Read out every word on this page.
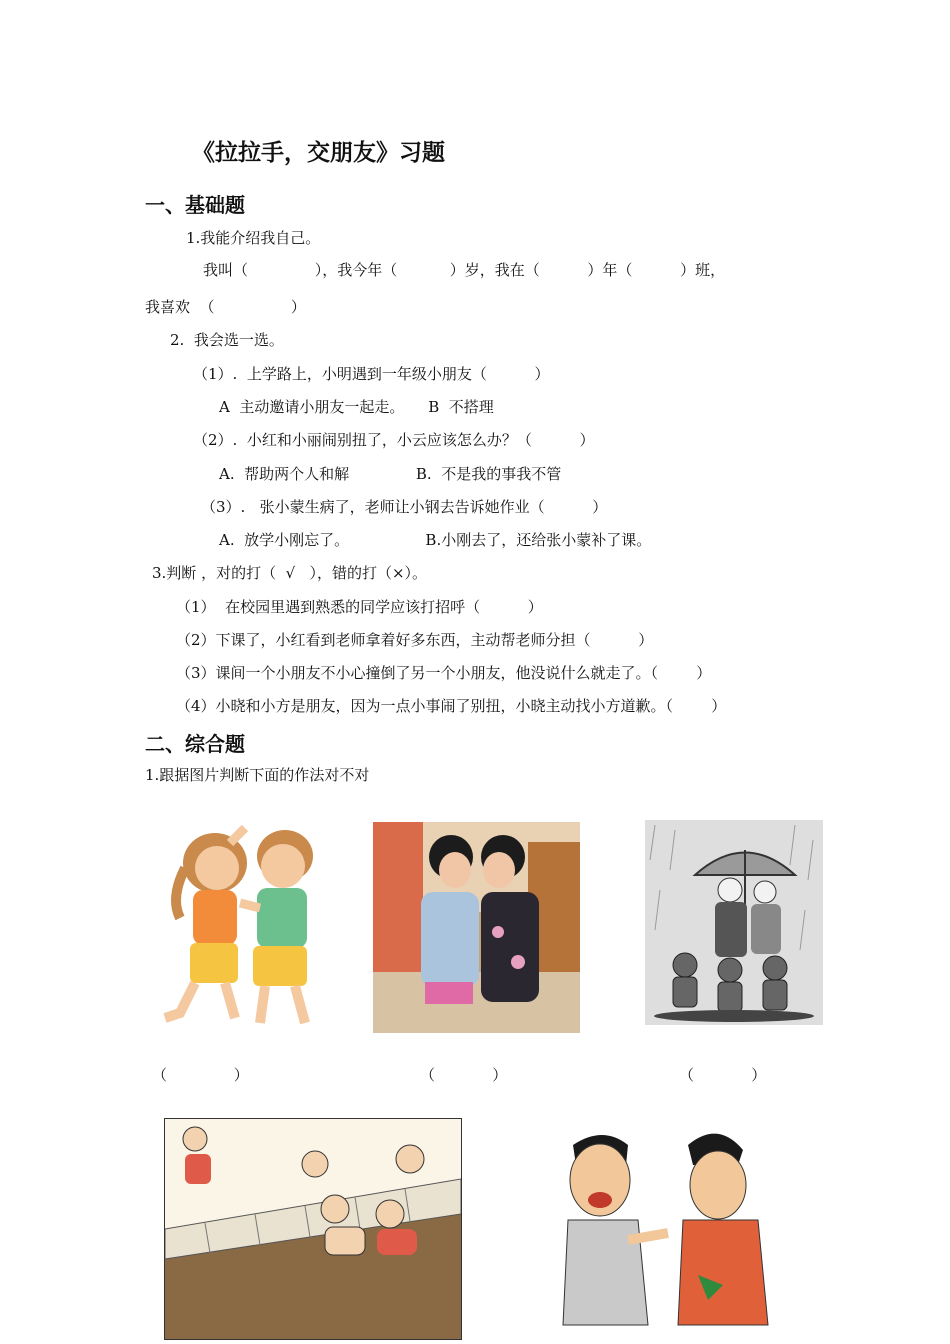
《拉拉手，交朋友》习题
一、基础题
1.我能介绍我自己。
我叫（              ），我今年（           ）岁，我在（          ）年（          ）班，
我喜欢  （                ）
2.  我会选一选。
（1）.  上学路上，小明遇到一年级小朋友（          ）
A  主动邀请小朋友一起走。     B  不搭理
（2）.  小红和小丽闹别扭了，小云应该怎么办？（          ）
A.  帮助两个人和解              B.  不是我的事我不管
（3）.   张小蒙生病了，老师让小钢去告诉她作业（          ）
A.  放学小刚忘了。                B.小刚去了，还给张小蒙补了课。
3.判断 ，对的打（  √   ），错的打（×）。
（1）  在校园里遇到熟悉的同学应该打招呼（          ）
（2）下课了，小红看到老师拿着好多东西，主动帮老师分担（          ）
（3）课间一个小朋友不小心撞倒了另一个小朋友，他没说什么就走了。（        ）
（4）小晓和小方是朋友，因为一点小事闹了别扭，小晓主动找小方道歉。（        ）
二、综合题
1.跟据图片判断下面的作法对不对
（              ）	（            ）	（            ）
